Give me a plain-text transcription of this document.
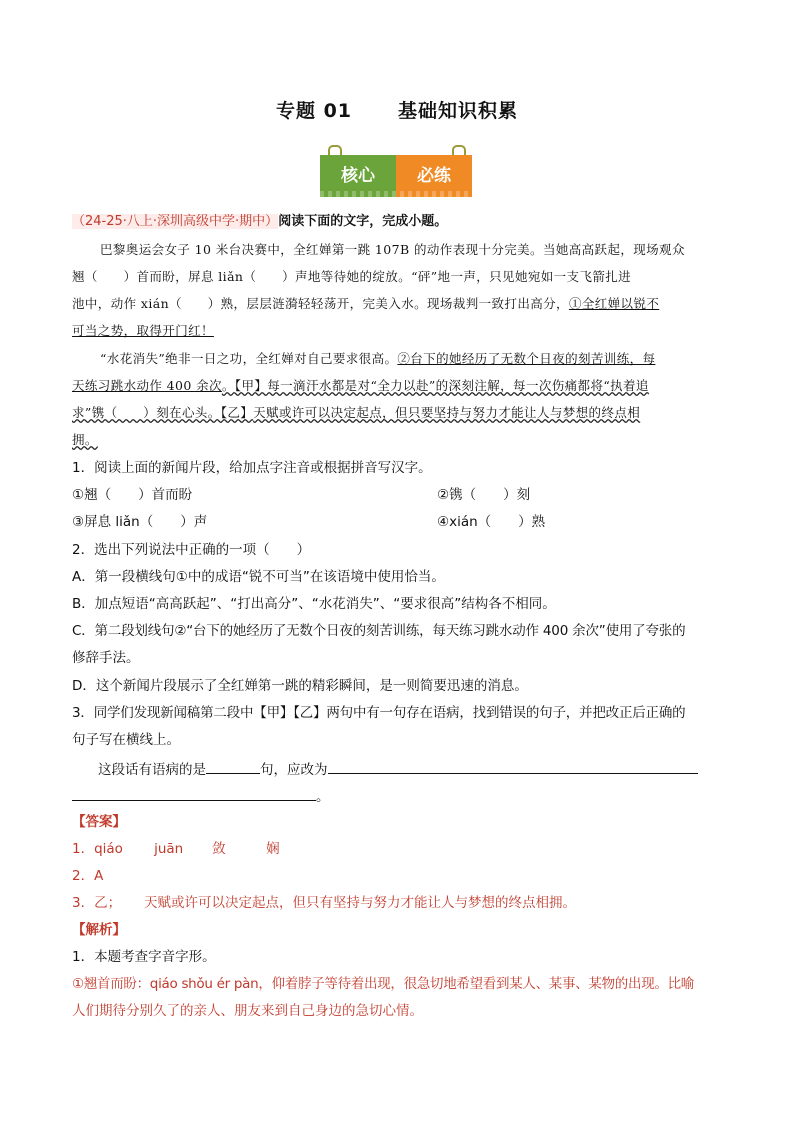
专题 01 基础知识积累
核心	必练
（24-25·八上·深圳高级中学·期中）阅读下面的文字，完成小题。
巴黎奥运会女子 10 米台决赛中，全红婵第一跳 107B 的动作表现十分完美。当她高高跃起，现场观众
翘（　　）首而盼，屏息 liǎn（　　）声地等待她的绽放。“砰”地一声，只见她宛如一支飞箭扎进
池中，动作 xián（　　）熟，层层涟漪轻轻荡开，完美入水。现场裁判一致打出高分，①全红婵以锐不
可当之势，取得开门红！
“水花消失”绝非一日之功，全红婵对自己要求很高。②台下的她经历了无数个日夜的刻苦训练，每
天练习跳水动作 400 余次。【甲】每一滴汗水都是对“全力以赴”的深刻注解，每一次伤痛都将“执着追
求”镌（　　）刻在心头。【乙】天赋或许可以决定起点，但只要坚持与努力才能让人与梦想的终点相
拥。
1．阅读上面的新闻片段，给加点字注音或根据拼音写汉字。
①翘（　　）首而盼	②镌（　　）刻
③屏息 liǎn（　　）声	④xián（　　）熟
2．选出下列说法中正确的一项（　　）
A．第一段横线句①中的成语“锐不可当”在该语境中使用恰当。
B．加点短语“高高跃起”、“打出高分”、“水花消失”、“要求很高”结构各不相同。
C．第二段划线句②“台下的她经历了无数个日夜的刻苦训练，每天练习跳水动作 400 余次”使用了夸张的
修辞手法。
D．这个新闻片段展示了全红婵第一跳的精彩瞬间，是一则简要迅速的消息。
3．同学们发现新闻稿第二段中【甲】【乙】两句中有一句存在语病，找到错误的句子，并把改正后正确的
句子写在横线上。
这段话有语病的是	句，应改为
。
【答案】
1．qiáo juān 敛	娴
2．A
3．乙； 天赋或许可以决定起点，但只有坚持与努力才能让人与梦想的终点相拥。
【解析】
1．本题考查字音字形。
①翘首而盼：qiáo shǒu ér pàn，仰着脖子等待着出现，很急切地希望看到某人、某事、某物的出现。比喻
人们期待分别久了的亲人、朋友来到自己身边的急切心情。
